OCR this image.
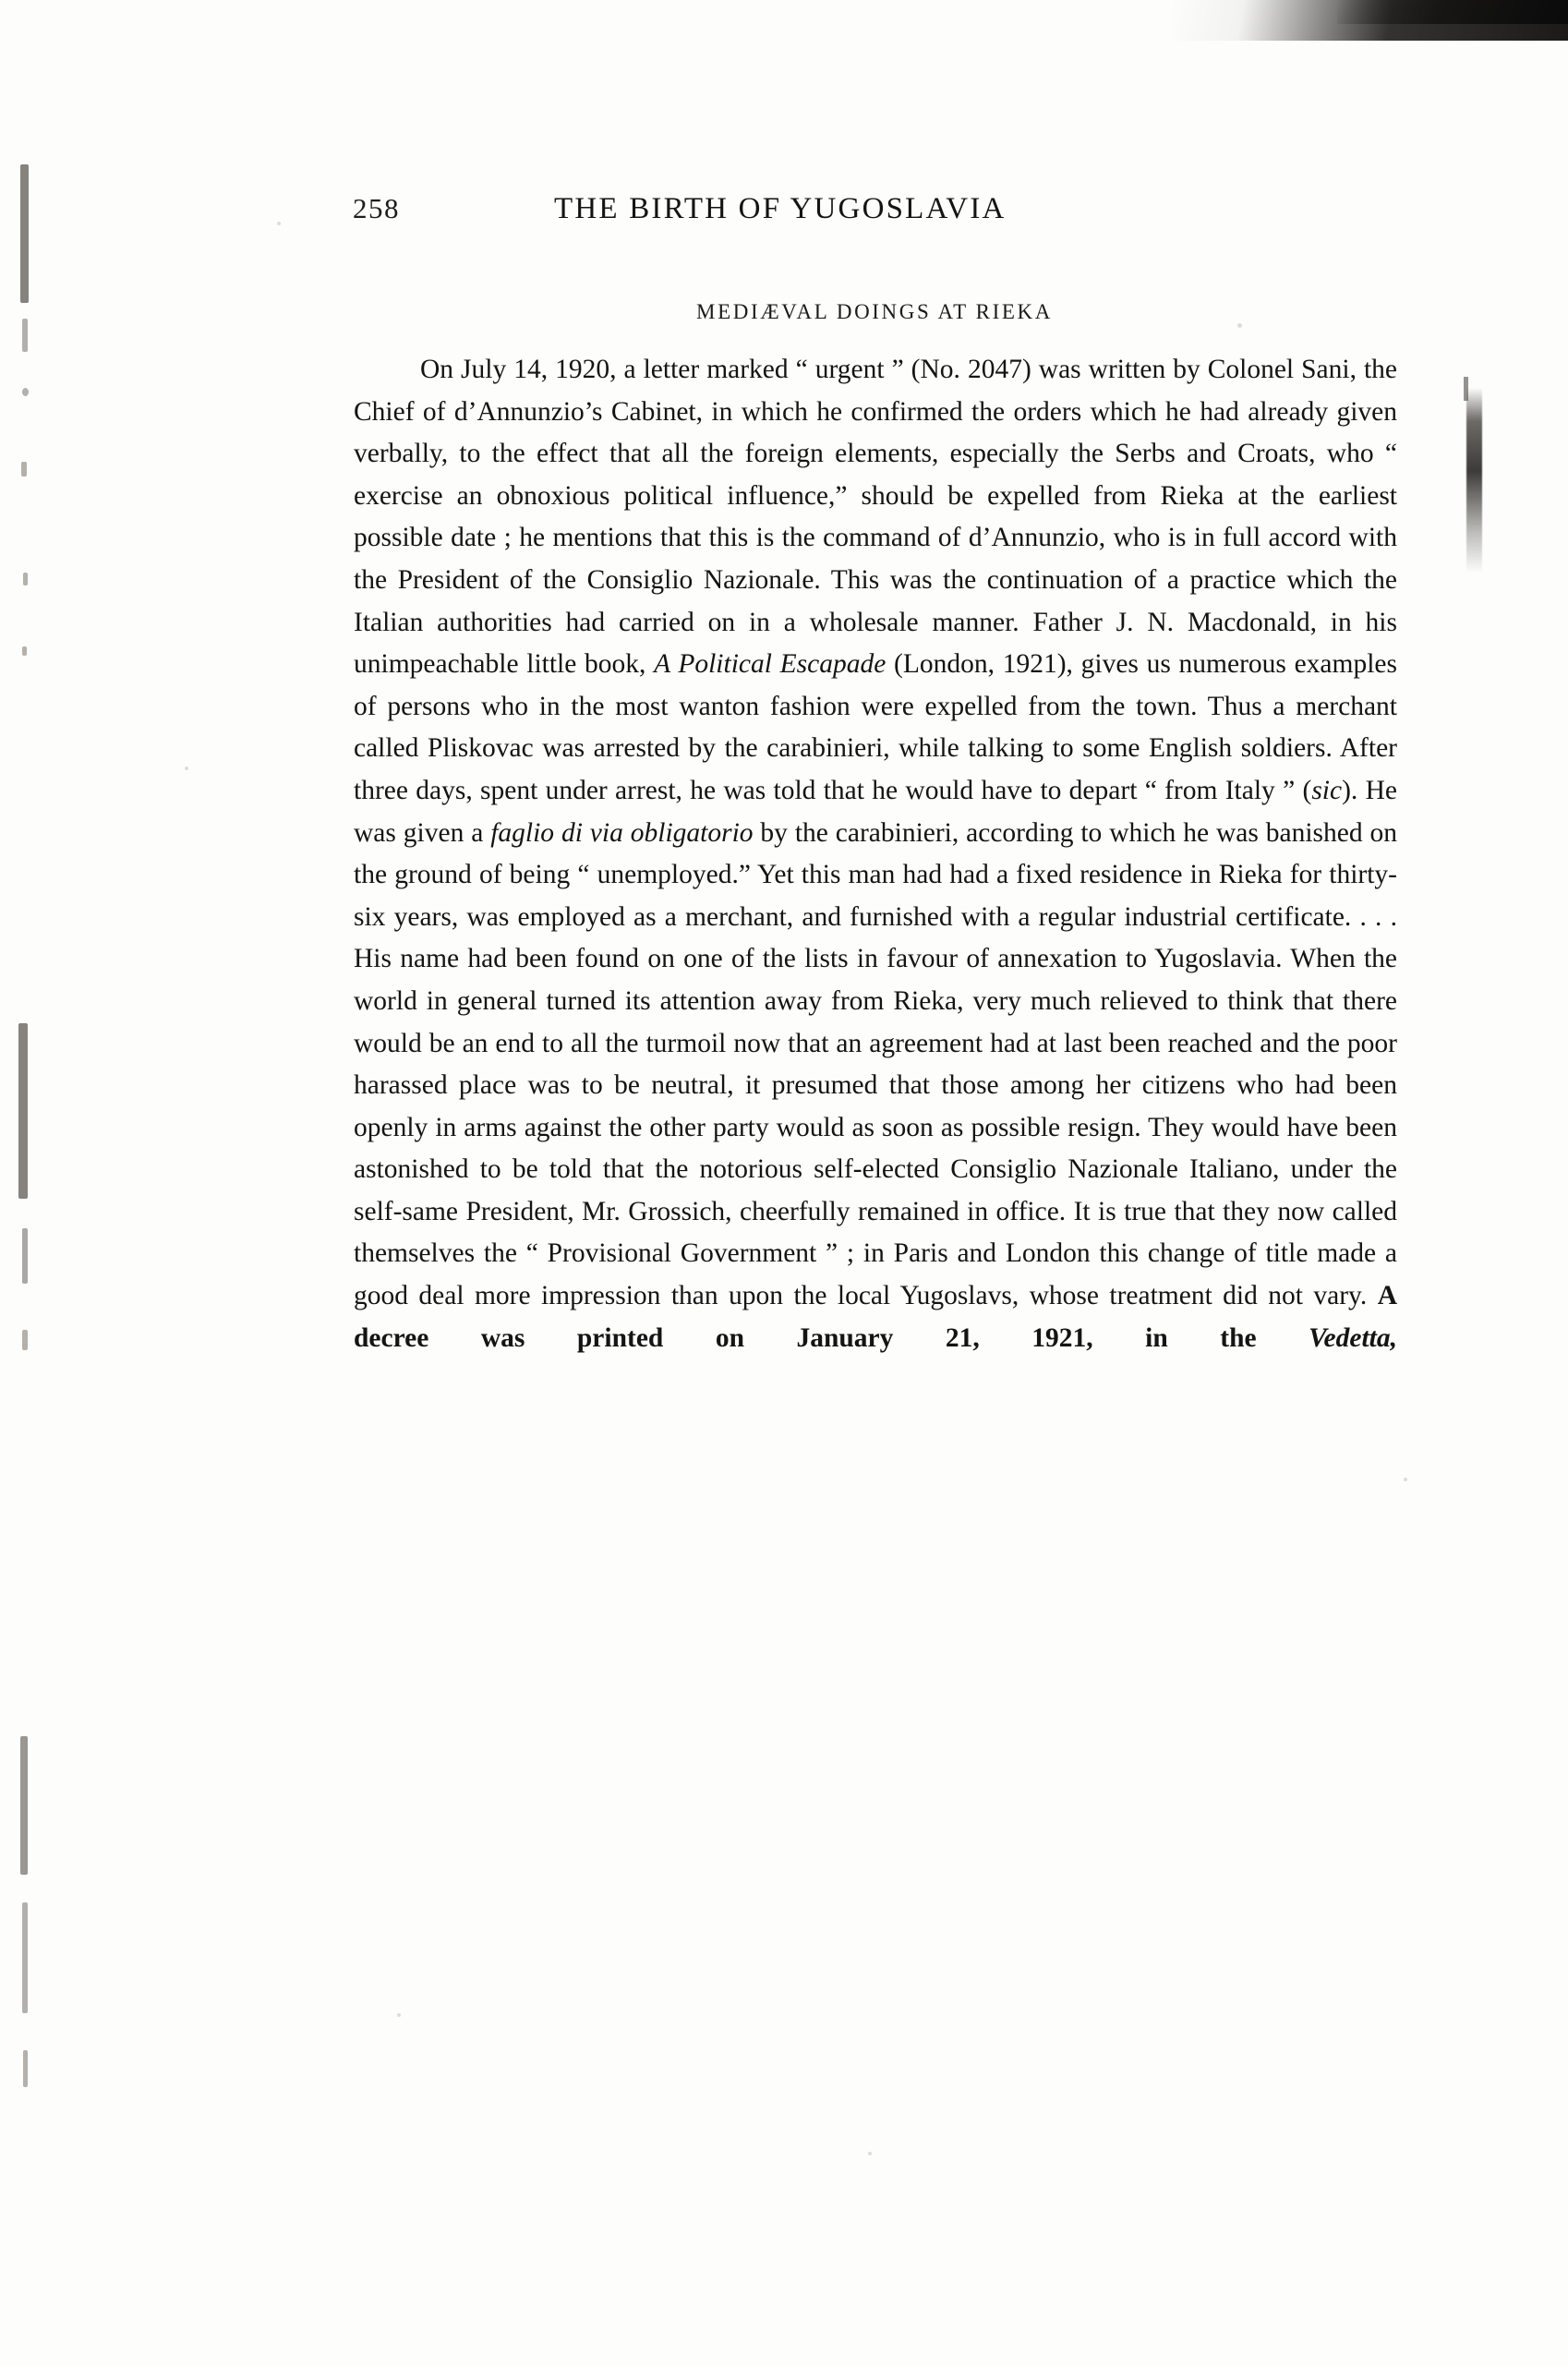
258	THE BIRTH OF YUGOSLAVIA
MEDIÆVAL DOINGS AT RIEKA

On July 14, 1920, a letter marked “ urgent ” (No. 2047) was written by Colonel Sani, the Chief of d’Annunzio’s Cabinet, in which he confirmed the orders which he had already given verbally, to the effect that all the foreign elements, especially the Serbs and Croats, who “ exercise an obnoxious political influence,” should be expelled from Rieka at the earliest possible date ; he mentions that this is the command of d’Annunzio, who is in full accord with the President of the Consiglio Nazionale. This was the continuation of a practice which the Italian authorities had carried on in a wholesale manner. Father J. N. Macdonald, in his unimpeachable little book, A Political Escapade (London, 1921), gives us numerous examples of persons who in the most wanton fashion were expelled from the town. Thus a merchant called Pliskovac was arrested by the carabinieri, while talking to some English soldiers. After three days, spent under arrest, he was told that he would have to depart “ from Italy ” (sic). He was given a faglio di via obligatorio by the carabinieri, according to which he was banished on the ground of being “ unemployed.” Yet this man had had a fixed residence in Rieka for thirty-six years, was employed as a merchant, and furnished with a regular industrial certificate. . . . His name had been found on one of the lists in favour of annexation to Yugoslavia. When the world in general turned its attention away from Rieka, very much relieved to think that there would be an end to all the turmoil now that an agreement had at last been reached and the poor harassed place was to be neutral, it presumed that those among her citizens who had been openly in arms against the other party would as soon as possible resign. They would have been astonished to be told that the notorious self-elected Consiglio Nazionale Italiano, under the self-same President, Mr. Grossich, cheerfully remained in office. It is true that they now called themselves the “ Provisional Government ” ; in Paris and London this change of title made a good deal more impression than upon the local Yugoslavs, whose treatment did not vary. A decree was printed on January 21, 1921, in the Vedetta,
